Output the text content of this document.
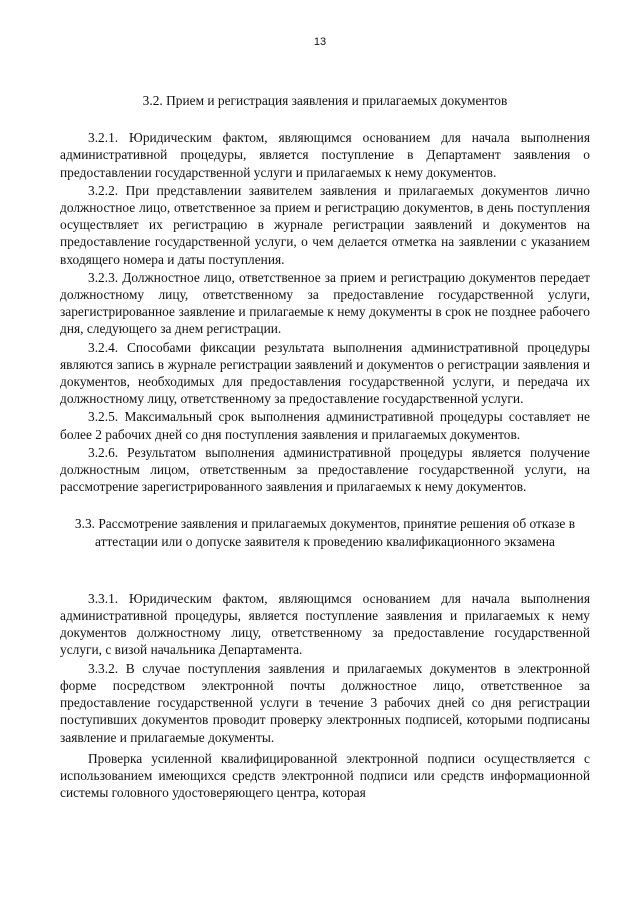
13

3.2. Прием и регистрация заявления и прилагаемых документов

3.2.1. Юридическим фактом, являющимся основанием для начала выполнения административной процедуры, является поступление в Департамент заявления о предоставлении государственной услуги и прилагаемых к нему документов.

3.2.2. При представлении заявителем заявления и прилагаемых документов лично должностное лицо, ответственное за прием и регистрацию документов, в день поступления осуществляет их регистрацию в журнале регистрации заявлений и документов на предоставление государственной услуги, о чем делается отметка на заявлении с указанием входящего номера и даты поступления.

3.2.3. Должностное лицо, ответственное за прием и регистрацию документов передает должностному лицу, ответственному за предоставление государственной услуги, зарегистрированное заявление и прилагаемые к нему документы в срок не позднее рабочего дня, следующего за днем регистрации.

3.2.4. Способами фиксации результата выполнения административной процедуры являются запись в журнале регистрации заявлений и документов о регистрации заявления и документов, необходимых для предоставления государственной услуги, и передача их должностному лицу, ответственному за предоставление государственной услуги.

3.2.5. Максимальный срок выполнения административной процедуры составляет не более 2 рабочих дней со дня поступления заявления и прилагаемых документов.

3.2.6. Результатом выполнения административной процедуры является получение должностным лицом, ответственным за предоставление государственной услуги, на рассмотрение зарегистрированного заявления и прилагаемых к нему документов.

3.3. Рассмотрение заявления и прилагаемых документов, принятие решения об отказе в аттестации или о допуске заявителя к проведению квалификационного экзамена

3.3.1. Юридическим фактом, являющимся основанием для начала выполнения административной процедуры, является поступление заявления и прилагаемых к нему документов должностному лицу, ответственному за предоставление государственной услуги, с визой начальника Департамента.

3.3.2. В случае поступления заявления и прилагаемых документов в электронной форме посредством электронной почты должностное лицо, ответственное за предоставление государственной услуги в течение 3 рабочих дней со дня регистрации поступивших документов проводит проверку электронных подписей, которыми подписаны заявление и прилагаемые документы.

Проверка усиленной квалифицированной электронной подписи осуществляется с использованием имеющихся средств электронной подписи или средств информационной системы головного удостоверяющего центра, которая
